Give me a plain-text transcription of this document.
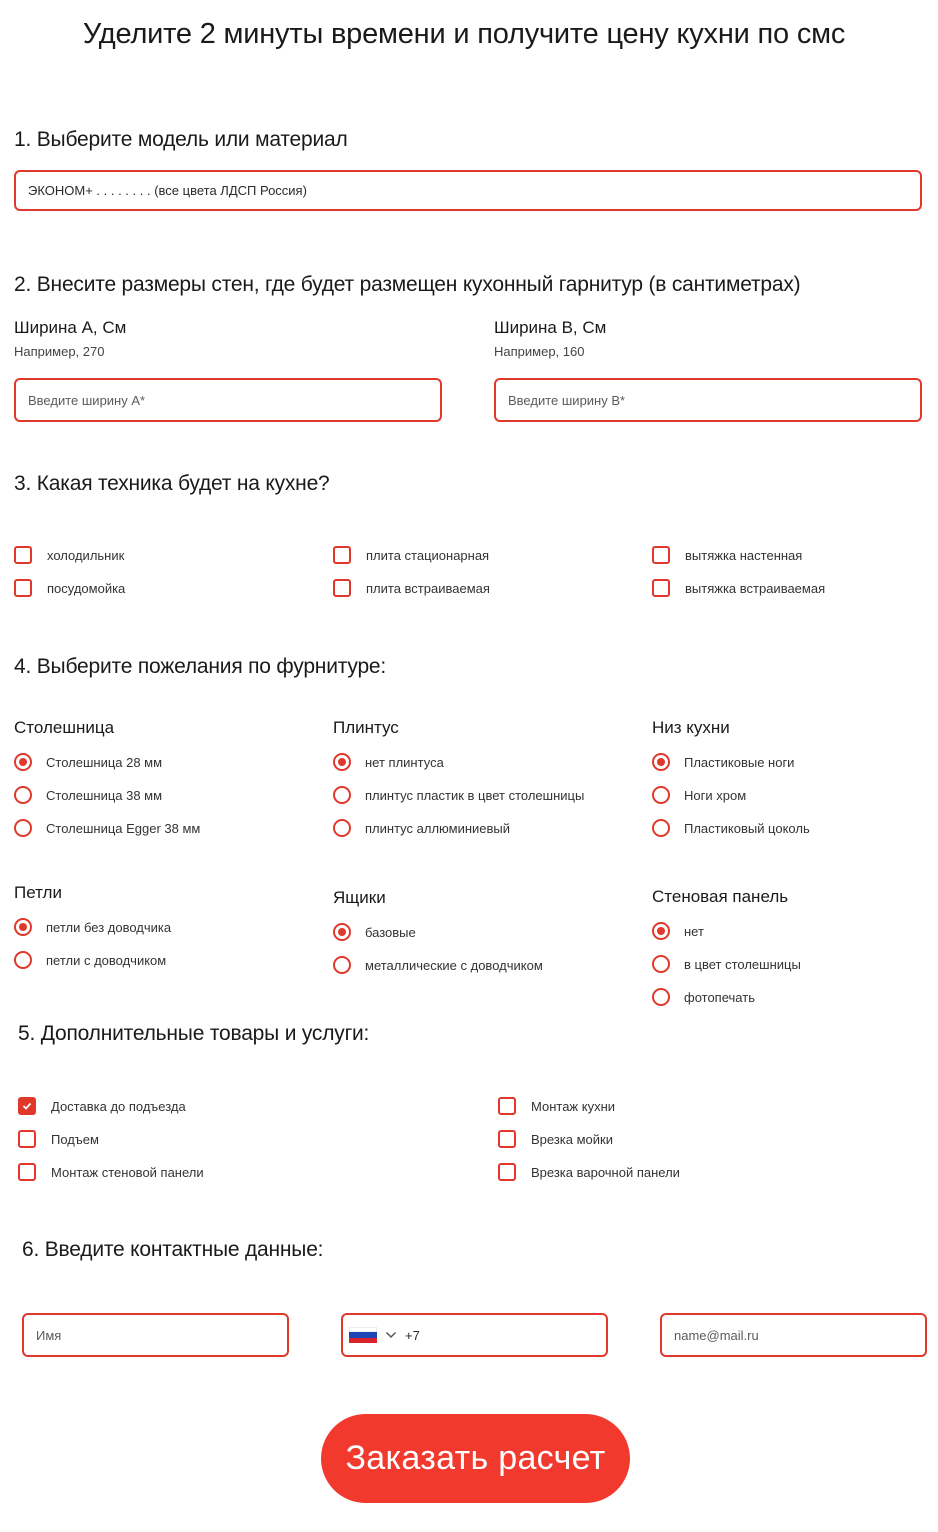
Уделите 2 минуты времени и получите цену кухни по смс
1. Выберите модель или материал
ЭКОНОМ+ . . . . . . . . (все цвета ЛДСП Россия)
2. Внесите размеры стен, где будет размещен кухонный гарнитур (в сантиметрах)
Ширина А, См
Например, 270
Введите ширину А*
Ширина B, См
Например, 160
Введите ширину В*
3. Какая техника будет на кухне?
холодильник
посудомойка
плита стационарная
плита встраиваемая
вытяжка настенная
вытяжка встраиваемая
4. Выберите пожелания по фурнитуре:
Столешница
Столешница 28 мм
Столешница 38 мм
Столешница Egger 38 мм
Плинтус
нет плинтуса
плинтус пластик в цвет столешницы
плинтус аллюминиевый
Низ кухни
Пластиковые ноги
Ноги хром
Пластиковый цоколь
Петли
петли без доводчика
петли с доводчиком
Ящики
базовые
металлические с доводчиком
Стеновая панель
нет
в цвет столешницы
фотопечать
5. Дополнительные товары и услуги:
Доставка до подъезда
Подъем
Монтаж стеновой панели
Монтаж кухни
Врезка мойки
Врезка варочной панели
6. Введите контактные данные:
Имя	+7	name@mail.ru
Заказать расчет
